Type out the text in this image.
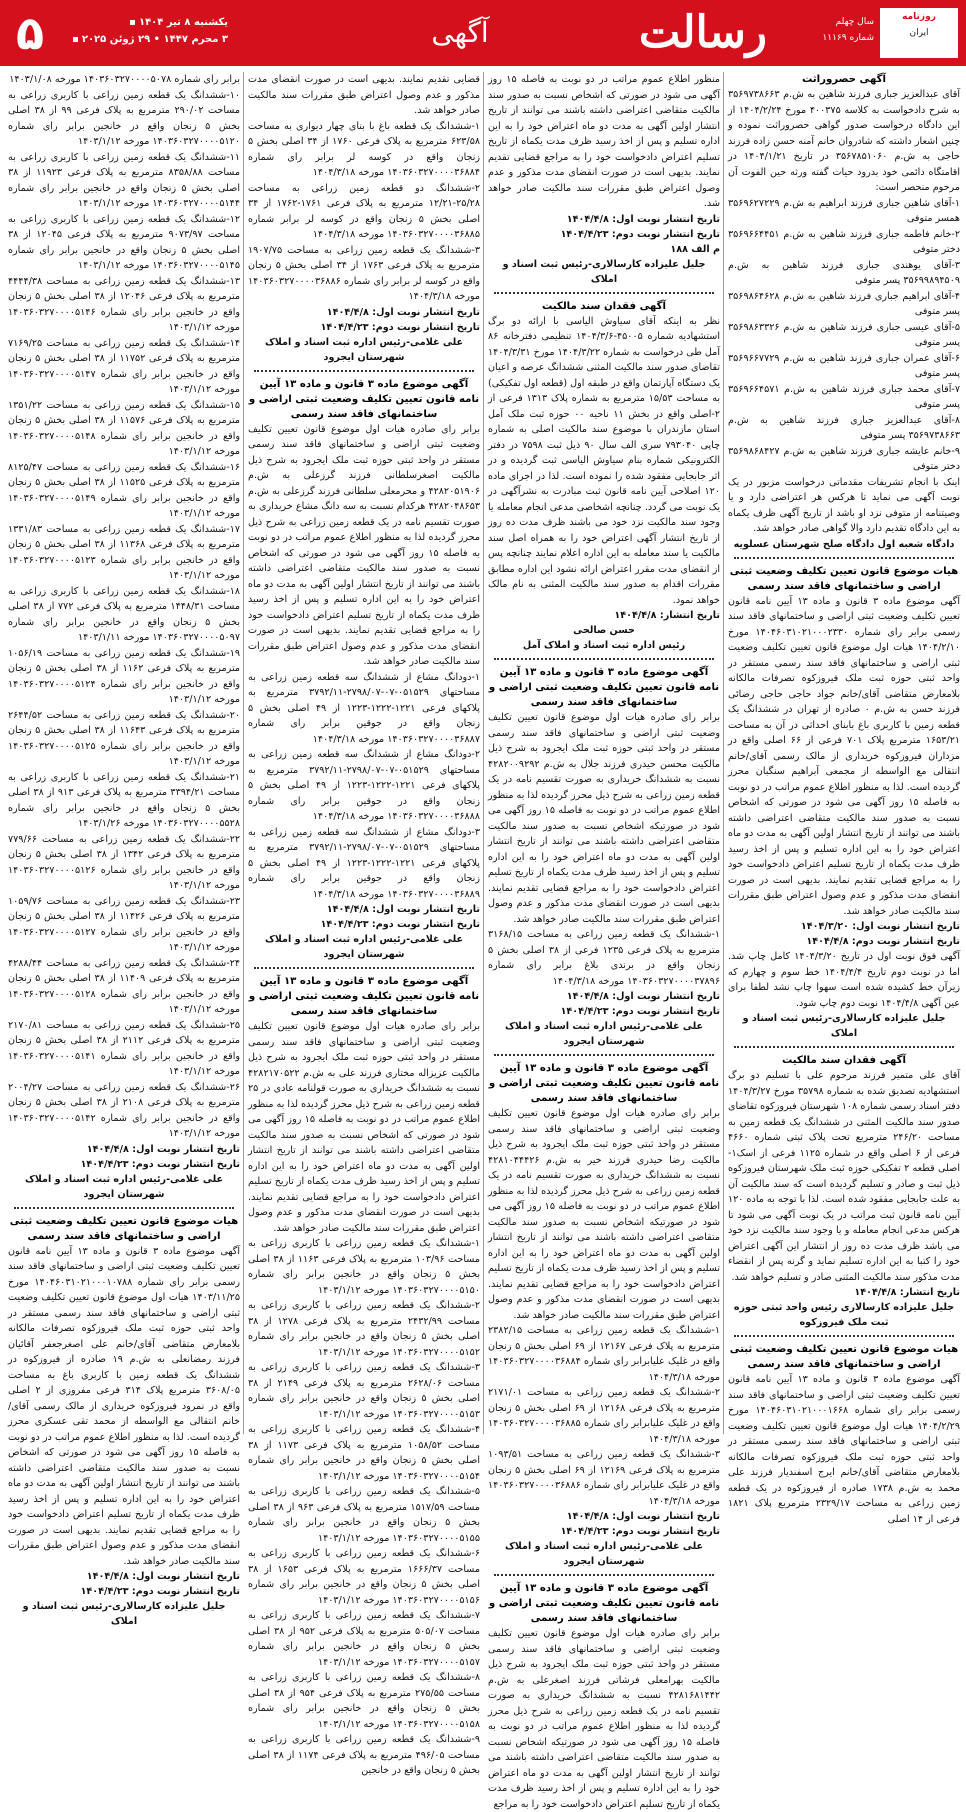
۵	یکشنبه ۸ تیر ۱۴۰۴
۳ محرم ۱۴۴۷ • ۲۹ ژوئن ۲۰۲۵	آگهی	رسالت	سال چهلم
شماره ۱۱۱۶۹
روزنامه
ایران
آگهی حصروراثت

آقای عبدالعزیز جباری فرزند شاهین به ش.م ۳۵۶۹۷۳۸۶۶۳ به شرح دادخواست به کلاسه ۴۰۰۳۷۵ مورخ ۱۴۰۴/۲/۲۴ از این دادگاه درخواست صدور گواهی حصروراثت نموده و چنین اشعار داشته که شادروان خانم آمنه حسن زاده فرزند حاجی به ش.م ۳۵۶۷۸۵۱۰۶۰ در تاریخ ۱۴۰۴/۱/۲۱ در اقامتگاه دائمی خود بدرود حیات گفته ورثه حین الفوت آن مرحوم منحصر است:

۱-آقای شاهین جباری فرزند ابراهیم به ش.م ۳۵۶۹۶۲۷۲۲۹ همسر متوفی
۲-خانم فاطمه جباری فرزند شاهین به ش.م ۳۵۶۹۶۶۴۴۵۱ دختر متوفی
۳-آقای یوهندی جباری فرزند شاهین به ش.م ۳۵۶۹۹۸۹۴۵۰۹ پسر متوفی
۴-آقای ابراهیم جباری فرزند شاهین به ش.م ۳۵۶۹۸۶۴۶۲۸ پسر متوفی
۵-آقای عیسی جباری فرزند شاهین به ش.م ۳۵۶۹۸۶۳۳۲۶ پسر متوفی
۶-آقای عمران جباری فرزند شاهین به ش.م ۳۵۶۹۶۶۷۷۲۹ پسر متوفی
۷-آقای محمد جباری فرزند شاهین به ش.م ۳۵۶۹۶۶۴۵۷۱ پسر متوفی
۸-آقای عبدالعزیز جباری فرزند شاهین به ش.م ۳۵۶۹۷۳۸۶۶۳ پسر متوفی
۹-خانم عایشه جباری فرزند شاهین به ش.م ۳۵۶۹۸۶۸۴۲۷ دختر متوفی

اینک با انجام تشریفات مقدماتی درخواست مزبور در یک نوبت آگهی می نماید تا هرکس هر اعتراضی دارد و یا وصیتنامه از متوفی نزد او باشد از تاریخ آگهی ظرف یکماه به این دادگاه تقدیم دارد والا گواهی صادر خواهد شد.

دادگاه شعبه اول دادگاه صلح شهرستان عسلویه
هیات موضوع قانون تعیین تکلیف وضعیت ثبتی اراضی و ساختمانهای فاقد سند رسمی

آگهی موضوع ماده ۳ قانون و ماده ۱۳ آیین نامه قانون تعیین تکلیف وضعیت ثبتی اراضی و ساختمانهای فاقد سند رسمی برابر رای شماره ۱۴۰۴۶۰۳۱۰۲۱۰۰۰۲۳۳۰ مورخ ۱۴۰۴/۲/۱۰ هیات اول موضوع قانون تعیین تکلیف وضعیت ثبتی اراضی و ساختمانهای فاقد سند رسمی مستقر در واحد ثبتی حوزه ثبت ملک فیروزکوه تصرفات مالکانه بلامعارض متقاضی آقای/خانم جواد حاجی حاجی رضائی فرزند حسن به ش.م ۰ صادره از تهران در ششدانگ یک قطعه زمین با کاربری باغ بابنای احداثی در آن به مساحت ۱۶۵۳/۲۱ مترمربع پلاک ۷۰۱ فرعی از ۶۶ اصلی واقع در مزداران فیروزکوه خریداری از مالک رسمی آقای/خانم انتقالی مع الواسطه از مجمعی آبراهیم سنگبان محرز گردیده است. لذا به منظور اطلاع عموم مراتب در دو نوبت به فاصله ۱۵ روز آگهی می شود در صورتی که اشخاص نسبت به صدور سند مالکیت متقاضی اعتراضی داشته باشند می توانند از تاریخ انتشار اولین آگهی به مدت دو ماه اعتراض خود را به این اداره تسلیم و پس از اخذ رسید ظرف مدت یکماه از تاریخ تسلیم اعتراض دادخواست خود را به مراجع قضایی تقدیم نمایند. بدیهی است در صورت انقضای مدت مذکور و عدم وصول اعتراض طبق مقررات سند مالکیت صادر خواهد شد.

تاریخ انتشار نوبت اول: ۱۴۰۴/۳/۲۰
تاریخ انتشار نوبت دوم: ۱۴۰۴/۴/۸

آگهی فوق نوبت اول در تاریخ ۱۴۰۴/۳/۲۰ کامل چاپ شد. اما در نوبت دوم تاریخ ۱۴۰۴/۴/۴ خط سوم و چهارم که زیرآن خط کشیده شده است سهوا چاپ نشد لطفا برای عین آگهی ۱۴۰۴/۴/۸ نوبت دوم چاپ شود.

جلیل علیزاده کارسالاری-رئیس ثبت اسناد و املاک
آگهی فقدان سند مالکیت

آقای علی متمیر فرزند مرحوم علی با تسلیم دو برگ استشهادیه تصدیق شده به شماره ۳۵۷۹۸ مورخ ۱۴۰۴/۳/۲۷ دفتر اسناد رسمی شماره ۱۰۸ شهرستان فیروزکوه تقاضای صدور سند مالکیت المثنی در ششدانگ یک قطعه زمین به مساحت ۲۴۶/۲۰ مترمربع تحت پلاک ثبتی شماره ۴۶۶۰ فرعی از ۶ اصلی واقع در شماره ۱۱۲۵ فرعی از اسک۱-اصلی قطعه ۲ تفکیکی حوزه ثبت ملک شهرستان فیروزکوه ذیل ثبت و صادر و تسلیم گردیده است که سند مالکیت آن به علت جابجایی مفقود شده است. لذا با توجه به ماده ۱۲۰ آیین نامه قانون ثبت مراتب در یک نوبت آگهی می شود تا هرکس مدعی انجام معامله و یا وجود سند مالکیت نزد خود می باشد ظرف مدت ده روز از انتشار این آگهی اعتراض خود را کتبا به این اداره تسلیم نماید و گرنه پس از انقضاء مدت مذکور سند مالکیت المثنی صادر و تسلیم خواهد شد.

تاریخ انتشار: ۱۴۰۴/۴/۸
جلیل علیزاده کارسالاری رئیس واحد ثبتی حوزه ثبت ملک فیروزکوه
هیات موضوع قانون تعیین تکلیف وضعیت ثبتی اراضی و ساختمانهای فاقد سند رسمی

آگهی موضوع ماده ۳ قانون و ماده ۱۳ آیین نامه قانون تعیین تکلیف وضعیت ثبتی اراضی و ساختمانهای فاقد سند رسمی برابر رای شماره ۱۴۰۴۶۰۳۱۰۲۱۰۰۰۱۶۶۸ مورخ ۱۴۰۴/۲/۲۹ هیات اول موضوع قانون تعیین تکلیف وضعیت ثبتی اراضی و ساختمانهای فاقد سند رسمی مستقر در واحد ثبتی حوزه ثبت ملک فیروزکوه تصرفات مالکانه بلامعارض متقاضی آقای/خانم ایرج اسفندیار فرزند علی محمد به ش.م ۱۷۳۸ صادره از فیروزکوه در یک قطعه زمین زراعی به مساحت ۲۳۲۹/۱۷ مترمربع پلاک ۱۸۲۱ فرعی از ۱۴ اصلی

منظور اطلاع عموم مراتب در دو نوبت به فاصله ۱۵ روز آگهی می شود در صورتی که اشخاص نسبت به صدور سند مالکیت متقاضی اعتراضی داشته باشند می توانند از تاریخ انتشار اولین آگهی به مدت دو ماه اعتراض خود را به این اداره تسلیم و پس از اخذ رسید ظرف مدت یکماه از تاریخ تسلیم اعتراض دادخواست خود را به مراجع قضایی تقدیم نمایند. بدیهی است در صورت انقضای مدت مذکور و عدم وصول اعتراض طبق مقررات سند مالکیت صادر خواهد شد.

تاریخ انتشار نوبت اول: ۱۴۰۴/۴/۸
تاریخ انتشار نوبت دوم: ۱۴۰۴/۴/۲۳
م الف ۱۸۸
جلیل علیزاده کارسالاری-رئیس ثبت اسناد و املاک
آگهی فقدان سند مالکیت

نظر به اینکه آقای سیاوش الیاسی با ارائه دو برگ استشهادیه شماره ۴۵۰۰۵-۱۴۰۴/۳/۶ تنظیمی دفترخانه ۸۶ آمل طی درخواست به شماره ۱۴۰۴/۳/۲۲ مورخ ۱۴۰۴/۳/۳۱ تقاضای صدور سند مالکیت المثنی ششدانگ عرصه و اعیان یک دستگاه آپارتمان واقع در طبقه اول (قطعه اول تفکیکی) به مساحت ۱۵/۵۳ مترمربع به شماره پلاک ۱۳۱۳ فرعی از ۲-اصلی واقع در بخش ۱۱ ناحیه ۰۰ حوزه ثبت ملک آمل استان مازندران با موضوع سند مالکیت اصلی به شماره چاپی ۷۹۳۰۴۰ سری الف سال ۹۰ ذیل ثبت ۷۵۹۸ در دفتر الکترونیکی شماره بنام سیاوش الیاسی ثبت گردیده و در اثر جابجایی مفقود شده را نموده است. لذا در اجرای ماده ۱۲۰ اصلاحی آیین نامه قانون ثبت مبادرت به نشرآگهی در یک نوبت می گردد. چنانچه اشخاصی مدعی انجام معامله یا وجود سند مالکیت نزد خود می باشند ظرف مدت ده روز از تاریخ انتشار آگهی اعتراض خود را به همراه اصل سند مالکیت یا سند معامله به این اداره اعلام نمایند چنانچه پس از انقضای مدت مقرر اعتراض ارائه نشود این اداره مطابق مقررات اقدام به صدور سند مالکیت المثنی به نام مالک خواهد نمود.

تاریخ انتشار: ۱۴۰۴/۴/۸
حسن صالحی
رئیس اداره ثبت اسناد و املاک آمل
آگهی موضوع ماده ۳ قانون و ماده ۱۳ آیین نامه قانون تعیین تکلیف وضعیت ثبتی اراضی و ساختمانهای فاقد سند رسمی

برابر رای صادره هیات اول موضوع قانون تعیین تکلیف وضعیت ثبتی اراضی و ساختمانهای فاقد سند رسمی مستقر در واحد ثبتی حوزه ثبت ملک ایجرود به شرح ذیل مالکیت محسن حیدری فرزند جلال به ش.م ۴۲۸۲۰۰۹۲۹۲ نسبت به ششدانگ خریداری به صورت تقسیم نامه در یک قطعه زمین زراعی به شرح ذیل محرز گردیده لذا به منظور اطلاع عموم مراتب در دو نوبت به فاصله ۱۵ روز آگهی می شود در صورتیکه اشخاص نسبت به صدور سند مالکیت متقاضی اعتراضی داشته باشند می توانند از تاریخ انتشار اولین آگهی به مدت دو ماه اعتراض خود را به این اداره تسلیم و پس از اخذ رسید ظرف مدت یکماه از تاریخ تسلیم اعتراض دادخواست خود را به مراجع قضایی تقدیم نمایند. بدیهی است در صورت انقضای مدت مذکور و عدم وصول اعتراض طبق مقررات سند مالکیت صادر خواهد شد.

۱-ششدانگ یک قطعه زمین زراعی به مساحت ۳۱۶۸/۱۵ مترمربع به پلاک فرعی ۱۲۳۵ فرعی از ۳۸ اصلی بخش ۵ زنجان واقع در برندی بلاغ برابر رای شماره ۱۴۰۳۶۰۳۲۷۰۰۰۰۳۷۸۹۶ مورخه ۱۴۰۴/۳/۱۸
تاریخ انتشار نوبت اول: ۱۴۰۴/۴/۸
تاریخ انتشار نوبت دوم: ۱۴۰۴/۴/۲۳
علی غلامی-رئیس اداره ثبت اسناد و املاک شهرستان ایجرود
آگهی موضوع ماده ۳ قانون و ماده ۱۳ آیین نامه قانون تعیین تکلیف وضعیت ثبتی اراضی و ساختمانهای فاقد سند رسمی

برابر رای صادره هیات اول موضوع قانون تعیین تکلیف وضعیت ثبتی اراضی و ساختمانهای فاقد سند رسمی مستقر در واحد ثبتی حوزه ثبت ملک ایجرود به شرح ذیل مالکیت رضا حیدری فرزند خیر به ش.م ۴۲۸۱۰۴۴۴۲۶ نسبت به ششدانگ خریداری به صورت تقسیم نامه در یک قطعه زمین زراعی به شرح ذیل محرز گردیده لذا به منظور اطلاع عموم مراتب در دو نوبت به فاصله ۱۵ روز آگهی می شود در صورتیکه اشخاص نسبت به صدور سند مالکیت متقاضی اعتراضی داشته باشند می توانند از تاریخ انتشار اولین آگهی به مدت دو ماه اعتراض خود را به این اداره تسلیم و پس از اخذ رسید ظرف مدت یکماه از تاریخ تسلیم اعتراض دادخواست خود را به مراجع قضایی تقدیم نمایند. بدیهی است در صورت انقضای مدت مذکور و عدم وصول اعتراض طبق مقررات سند مالکیت صادر خواهد شد.

۱-ششدانگ یک قطعه زمین زراعی به مساحت ۲۳۸۲/۱۵ مترمربع به پلاک فرعی ۱۲۱۶۷ از ۶۹ اصلی بخش ۵ زنجان واقع در غلیک علیابرابر رای شماره ۱۴۰۳۶۰۳۲۷۰۰۰۰۳۶۸۸۴ مورخه ۱۴۰۴/۳/۱۸
۲-ششدانگ یک قطعه زمین زراعی به مساحت ۲۱۷۱/۰۱ مترمربع به پلاک فرعی ۱۲۱۶۸ از ۶۹ اصلی بخش ۵ زنجان واقع در غلیک علیابرابر رای شماره ۱۴۰۳۶۰۳۲۷۰۰۰۰۳۶۸۸۵ مورخه ۱۴۰۴/۳/۱۸
۳-ششدانگ یک قطعه زمین زراعی به مساحت ۱۰۹۳/۵۱ مترمربع به پلاک فرعی ۱۲۱۶۹ از ۶۹ اصلی بخش ۵ زنجان واقع در غلیک علیابرابر رای شماره ۱۴۰۳۶۰۳۲۷۰۰۰۰۳۶۸۸۶ مورخه ۱۴۰۴/۳/۱۸
تاریخ انتشار نوبت اول: ۱۴۰۴/۴/۸
تاریخ انتشار نوبت دوم: ۱۴۰۴/۴/۲۳
علی غلامی-رئیس اداره ثبت اسناد و املاک شهرستان ایجرود
آگهی موضوع ماده ۳ قانون و ماده ۱۳ آیین نامه قانون تعیین تکلیف وضعیت ثبتی اراضی و ساختمانهای فاقد سند رسمی

برابر رای صادره هیات اول موضوع قانون تعیین تکلیف وضعیت ثبتی اراضی و ساختمانهای فاقد سند رسمی مستقر در واحد ثبتی حوزه ثبت ملک ایجرود به شرح ذیل مالکیت بهرامعلی فرشاتی فرزند اصغرعلی به ش.م ۴۲۸۱۶۸۱۴۴۲ نسبت به ششدانگ خریداری به صورت تقسیم نامه در یک قطعه زمین زراعی به شرح ذیل محرز گردیده لذا به منظور اطلاع عموم مراتب در دو نوبت به فاصله ۱۵ روز آگهی می شود در صورتیکه اشخاص نسبت به صدور سند مالکیت متقاضی اعتراضی داشته باشند می توانند از تاریخ انتشار اولین آگهی به مدت دو ماه اعتراض خود را به این اداره تسلیم و پس از اخذ رسید ظرف مدت یکماه از تاریخ تسلیم اعتراض دادخواست خود را به مراجع

قضایی تقدیم نمایند. بدیهی است در صورت انقضای مدت مذکور و عدم وصول اعتراض طبق مقررات سند مالکیت صادر خواهد شد.

۱-ششدانگ یک قطعه باغ با بنای چهار دیواری به مساحت ۶۲۳/۵۸ مترمربع به پلاک فرعی ۱۷۶۰ از ۳۴ اصلی بخش ۵ زنجان واقع در کوسه لر برابر رای شماره ۱۴۰۳۶۰۳۲۷۰۰۰۰۳۶۸۸۴ مورخه ۱۴۰۴/۳/۱۸
۲-ششدانگ دو قطعه زمین زراعی به مساحت ۲۵/۲۸-۱۲/۲۱ مترمربع به پلاک فرعی ۱۷۶۱-۱۷۶۲ از ۳۴ اصلی بخش ۵ زنجان واقع در کوسه لر برابر شماره ۱۴۰۳۶۰۳۲۷۰۰۰۰۳۶۸۸۵ مورخه ۱۴۰۴/۳/۱۸
۳-ششدانگ یک قطعه زمین زراعی به مساحت ۱۹۰۷/۷۵ مترمربع به پلاک فرعی ۱۷۶۳ از ۳۴ اصلی بخش ۵ زنجان واقع در کوسه لر برابر رای شماره ۱۴۰۳۶۰۳۲۷۰۰۰۰۳۶۸۸۶ مورخه ۱۴۰۴/۳/۱۸
تاریخ انتشار نوبت اول: ۱۴۰۴/۴/۸
تاریخ انتشار نوبت دوم: ۱۴۰۴/۴/۲۳
علی غلامی-رئیس اداره ثبت اسناد و املاک شهرستان ایجرود
آگهی موضوع ماده ۳ قانون و ماده ۱۳ آیین نامه قانون تعیین تکلیف وضعیت ثبتی اراضی و ساختمانهای فاقد سند رسمی

برابر رای صادره هیات اول موضوع قانون تعیین تکلیف وضعیت ثبتی اراضی و ساختمانهای فاقد سند رسمی مستقر در واحد ثبتی حوزه ثبت ملک ایجرود به شرح ذیل مالکیت اصغرسلطانی فرزند گرزعلی به ش.م ۴۲۸۲۰۵۱۹۰۶ و محرمعلی سلطانی فرزند گرزعلی به ش.م ۴۲۸۲۰۴۸۶۵۳ هرکدام نسبت به سه دانگ مشاع خریداری به صورت تقسیم نامه در یک قطعه زمین زراعی به شرح ذیل محرز گردیده لذا به منظور اطلاع عموم مراتب در دو نوبت به فاصله ۱۵ روز آگهی می شود در صورتی که اشخاص نسبت به صدور سند مالکیت متقاضی اعتراضی داشته باشند می توانند از تاریخ انتشار اولین آگهی به مدت دو ماه اعتراض خود را به این اداره تسلیم و پس از اخذ رسید ظرف مدت یکماه از تاریخ تسلیم اعتراض دادخواست خود را به مراجع قضایی تقدیم نمایند. بدیهی است در صورت انقضای مدت مذکور و عدم وصول اعتراض طبق مقررات سند مالکیت صادر خواهد شد.

۱-دودانگ مشاع از ششدانگ سه قطعه زمین زراعی به مساحتهای ۰۵۱۵۲۹-۰۷-۲۷۹۸/۰۷-۳۷۹۲/۱۱ مترمربع به پلاکهای فرعی ۱۲۲۱-۱۲۲۲-۱۲۲۳ از ۴۹ اصلی بخش ۵ زنجان واقع در جوقین برابر رای شماره ۱۴۰۳۶۰۳۲۷۰۰۰۰۳۶۸۸۷ مورخه ۱۴۰۴/۳/۱۸
۲-دودانگ مشاع از ششدانگ سه قطعه زمین زراعی به مساحتهای ۰۵۱۵۲۹-۰۷-۲۷۹۸/۰۷-۳۷۹۲/۱۱ مترمربع به پلاکهای فرعی ۱۲۲۱-۱۲۲۲-۱۲۲۳ از ۴۹ اصلی بخش ۵ زنجان واقع در جوقین برابر رای شماره ۱۴۰۳۶۰۳۲۷۰۰۰۰۳۶۸۸۸ مورخه ۱۴۰۴/۳/۱۸
۳-دودانگ مشاع از ششدانگ سه قطعه زمین زراعی به مساحتهای ۰۵۱۵۲۹-۰۷-۲۷۹۸/۰۷-۳۷۹۲/۱۱ مترمربع به پلاکهای فرعی ۱۲۲۱-۱۲۲۲-۱۲۲۳ از ۴۹ اصلی بخش ۵ زنجان واقع در جوقین برابر رای شماره ۱۴۰۳۶۰۳۲۷۰۰۰۰۳۶۸۸۹ مورخه ۱۴۰۴/۳/۱۸
تاریخ انتشار نوبت اول: ۱۴۰۴/۴/۸
تاریخ انتشار نوبت دوم: ۱۴۰۴/۴/۲۳
علی غلامی-رئیس اداره ثبت اسناد و املاک شهرستان ایجرود
آگهی موضوع ماده ۳ قانون و ماده ۱۳ آیین نامه قانون تعیین تکلیف وضعیت ثبتی اراضی و ساختمانهای فاقد سند رسمی

برابر رای صادره هیات اول موضوع قانون تعیین تکلیف وضعیت ثبتی اراضی و ساختمانهای فاقد سند رسمی مستقر در واحد ثبتی حوزه ثبت ملک ایجرود به شرح ذیل مالکیت عزیزاله مختاری فرزند علی به ش.م ۴۲۸۲۱۷۰۵۲۲ نسبت به ششدانگ خریداری به صورت قولنامه عادی در ۲۵ قطعه زمین زراعی به شرح ذیل محرز گردیده لذا به منظور اطلاع عموم مراتب در دو نوبت به فاصله ۱۵ روز آگهی می شود در صورتی که اشخاص نسبت به صدور سند مالکیت متقاضی اعتراضی داشته باشند می توانند از تاریخ انتشار اولین آگهی به مدت دو ماه اعتراض خود را به این اداره تسلیم و پس از اخذ رسید ظرف مدت یکماه از تاریخ تسلیم اعتراض دادخواست خود را به مراجع قضایی تقدیم نمایند. بدیهی است در صورت انقضای مدت مذکور و عدم وصول اعتراض طبق مقررات سند مالکیت صادر خواهد شد.

۱-ششدانگ یک قطعه زمین زراعی با کاربری زراعی به مساحت ۱۰۳/۹۶ مترمربع به پلاک فرعی ۱۱۶۳ از ۳۸ اصلی بخش ۵ زنجان واقع در خانجین برابر رای شماره ۱۴۰۳۶۰۳۲۷۰۰۰۰۵۱۵۰ مورخه ۱۴۰۳/۱/۱۲
۲-ششدانگ یک قطعه زمین زراعی با کاربری زراعی به مساحت ۲۴۳۲/۹۹ مترمربع به پلاک فرعی ۱۲۷۸ از ۳۸ اصلی بخش ۵ زنجان واقع در خانجین برابر رای شماره ۱۴۰۳۶۰۳۲۷۰۰۰۰۵۱۵۲ مورخه ۱۴۰۳/۱/۱۲
۳-ششدانگ یک قطعه زمین زراعی با کاربری زراعی به مساحت ۲۶۲۸/۰۶ مترمربع به پلاک فرعی ۲۱۴۹ از ۳۸ اصلی بخش ۵ زنجان واقع در خانجین برابر رای شماره ۱۴۰۳۶۰۳۲۷۰۰۰۰۵۱۵۳ مورخه ۱۴۰۳/۱/۱۲
۴-ششدانگ یک قطعه زمین زراعی با کاربری زراعی به مساحت ۱۰۵۸/۵۲ مترمربع به پلاک فرعی ۱۱۷۳ از ۳۸ اصلی بخش ۵ زنجان واقع در خانجین برابر رای شماره ۱۴۰۳۶۰۳۲۷۰۰۰۰۵۱۵۴ مورخه ۱۴۰۳/۱/۱۲
۵-ششدانگ یک قطعه زمین زراعی با کاربری زراعی به مساحت ۱۵۱۷/۵۹ مترمربع به پلاک فرعی ۹۶۳ از ۳۸ اصلی بخش ۵ زنجان واقع در خانجین برابر رای شماره ۱۴۰۳۶۰۳۲۷۰۰۰۰۵۱۵۵ مورخه ۱۴۰۳/۱/۱۲
۶-ششدانگ یک قطعه زمین زراعی با کاربری زراعی به مساحت ۱۶۶۶/۳۷ مترمربع به پلاک فرعی ۱۶۵۳ از ۳۸ اصلی بخش ۵ زنجان واقع در خانجین برابر رای شماره ۱۴۰۳۶۰۳۲۷۰۰۰۰۵۱۵۶ مورخه ۱۴۰۳/۱/۱۲
۷-ششدانگ یک قطعه زمین زراعی با کاربری زراعی به مساحت ۵۰۵/۰۷ مترمربع به پلاک فرعی ۹۵۲ از ۳۸ اصلی بخش ۵ زنجان واقع در خانجین برابر رای شماره ۱۴۰۳۶۰۳۲۷۰۰۰۰۵۱۵۷ مورخه ۱۴۰۳/۱/۱۲
۸-ششدانگ یک قطعه زمین زراعی با کاربری زراعی به مساحت ۲۷۵/۵۵ مترمربع به پلاک فرعی ۹۵۴ از ۳۸ اصلی بخش ۵ زنجان واقع در خانجین برابر رای شماره ۱۴۰۳۶۰۳۲۷۰۰۰۰۵۱۵۸ مورخه ۱۴۰۳/۱/۱۲
۹-ششدانگ یک قطعه زمین زراعی با کاربری زراعی به مساحت ۴۹۶/۰۵ مترمربع به پلاک فرعی ۱۱۷۴ از ۳۸ اصلی بخش ۵ زنجان واقع در خانجین
برابر رای شماره ۱۴۰۳۶۰۳۲۷۰۰۰۰۵۰۷۸ مورخه ۱۴۰۳/۱/۰۸
۱۰-ششدانگ یک قطعه زمین زراعی با کاربری زراعی به مساحت ۲۹۰/۰۲ مترمربع به پلاک فرعی ۹۹ از ۳۸ اصلی بخش ۵ زنجان واقع در خانجین برابر رای شماره ۱۴۰۳۶۰۳۲۷۰۰۰۰۵۱۲۰ مورخه ۱۴۰۳/۱/۱۲
۱۱-ششدانگ یک قطعه زمین زراعی با کاربری زراعی به مساحت ۸۳۵۸/۸۸ مترمربع به پلاک فرعی ۱۱۹۲۳ از ۳۸ اصلی بخش ۵ زنجان واقع در خانجین برابر رای شماره ۱۴۰۳۶۰۳۲۷۰۰۰۰۵۱۴۴ مورخه ۱۴۰۳/۱/۱۲
۱۲-ششدانگ یک قطعه زمین زراعی با کاربری زراعی به مساحت ۹۰۷۳/۹۷ مترمربع به پلاک فرعی ۱۲۰۴۵ از ۳۸ اصلی بخش ۵ زنجان واقع در خانجین برابر رای شماره ۱۴۰۳۶۰۳۲۷۰۰۰۰۵۱۴۵ مورخه ۱۴۰۳/۱/۱۲
۱۳-ششدانگ یک قطعه زمین زراعی به مساحت ۴۴۴۴/۳۸ مترمربع به پلاک فرعی ۱۲۰۴۶ از ۳۸ اصلی بخش ۵ زنجان واقع در خانجین برابر رای شماره ۱۴۰۳۶۰۳۲۷۰۰۰۰۵۱۴۶ مورخه ۱۴۰۳/۱/۱۲
۱۴-ششدانگ یک قطعه زمین زراعی به مساحت ۷۱۶۹/۲۵ مترمربع به پلاک فرعی ۱۱۷۵۲ از ۳۸ اصلی بخش ۵ زنجان واقع در خانجین برابر رای شماره ۱۴۰۳۶۰۳۲۷۰۰۰۰۵۱۴۷ مورخه ۱۴۰۳/۱/۱۲
۱۵-ششدانگ یک قطعه زمین زراعی به مساحت ۱۳۵۱/۲۲ مترمربع به پلاک فرعی ۱۱۵۷۶ از ۳۸ اصلی بخش ۵ زنجان واقع در خانجین برابر رای شماره ۱۴۰۳۶۰۳۲۷۰۰۰۰۵۱۴۸ مورخه ۱۴۰۳/۱/۱۲
۱۶-ششدانگ یک قطعه زمین زراعی به مساحت ۸۱۲۵/۴۷ مترمربع به پلاک فرعی ۱۱۵۲۵ از ۳۸ اصلی بخش ۵ زنجان واقع در خانجین برابر رای شماره ۱۴۰۳۶۰۳۲۷۰۰۰۰۵۱۴۹ مورخه ۱۴۰۳/۱/۱۲
۱۷-ششدانگ یک قطعه زمین زراعی به مساحت ۱۳۳۱/۸۳ مترمربع به پلاک فرعی ۱۱۳۶۸ از ۳۸ اصلی بخش ۵ زنجان واقع در خانجین برابر رای شماره ۱۴۰۳۶۰۳۲۷۰۰۰۰۵۱۲۳ مورخه ۱۴۰۳/۱/۱۲
۱۸-ششدانگ یک قطعه زمین زراعی با کاربری زراعی به مساحت ۱۴۴۸/۳۱ مترمربع به پلاک فرعی ۷۷۲ از ۳۸ اصلی بخش ۵ زنجان واقع در خانجین برابر رای شماره ۱۴۰۳۶۰۳۲۷۰۰۰۰۵۰۹۷ مورخه ۱۴۰۳/۱/۱۱
۱۹-ششدانگ یک قطعه زمین زراعی به مساحت ۱۰۵۶/۱۹ مترمربع به پلاک فرعی ۱۱۶۲ از ۳۸ اصلی بخش ۵ زنجان واقع در خانجین برابر رای شماره ۱۴۰۳۶۰۳۲۷۰۰۰۰۵۱۲۴ مورخه ۱۴۰۳/۱/۱۲
۲۰-ششدانگ یک قطعه زمین زراعی به مساحت ۲۶۴۴/۵۲ مترمربع به پلاک فرعی ۱۱۶۴۳ از ۳۸ اصلی بخش ۵ زنجان واقع در خانجین برابر رای شماره ۱۴۰۳۶۰۳۲۷۰۰۰۰۵۱۲۵ مورخه ۱۴۰۳/۱/۱۲
۲۱-ششدانگ یک قطعه زمین زراعی با کاربری زراعی به مساحت ۳۳۹۴/۲۱ مترمربع به پلاک فرعی ۹۱۳ از ۳۸ اصلی بخش ۵ زنجان واقع در خانجین برابر رای شماره ۱۴۰۳۶۰۳۲۷۰۰۰۰۵۵۲۸ مورخه ۱۴۰۳/۱/۲۶
۲۲-ششدانگ یک قطعه زمین زراعی به مساحت ۷۷۹/۶۶ مترمربع به پلاک فرعی ۱۳۴۲ از ۳۸ اصلی بخش ۵ زنجان واقع در خانجین برابر رای شماره ۱۴۰۳۶۰۳۲۷۰۰۰۰۵۱۲۶ مورخه ۱۴۰۳/۱/۱۲
۲۳-ششدانگ یک قطعه زمین زراعی به مساحت ۱۰۵۹/۷۶ مترمربع به پلاک فرعی ۱۱۴۲۶ از ۳۸ اصلی بخش ۵ زنجان واقع در خانجین برابر رای شماره ۱۴۰۳۶۰۳۲۷۰۰۰۰۵۱۲۷ مورخه ۱۴۰۳/۱/۱۲
۲۴-ششدانگ یک قطعه زمین زراعی به مساحت ۴۲۸۸/۴۴ مترمربع به پلاک فرعی ۱۱۴۰۹ از ۳۸ اصلی بخش ۵ زنجان واقع در خانجین برابر رای شماره ۱۴۰۳۶۰۳۲۷۰۰۰۰۵۱۲۸ مورخه ۱۴۰۳/۱/۱۲
۲۵-ششدانگ یک قطعه زمین زراعی به مساحت ۲۱۷۰/۸۱ مترمربع به پلاک فرعی ۲۱۱۲ از ۳۸ اصلی بخش ۵ زنجان واقع در خانجین برابر رای شماره ۱۴۰۳۶۰۳۲۷۰۰۰۰۵۱۴۱ مورخه ۱۴۰۳/۱/۱۲
۲۶-ششدانگ یک قطعه زمین زراعی به مساحت ۲۰۰۴/۲۷ مترمربع به پلاک فرعی ۲۱۰۸ از ۳۸ اصلی بخش ۵ زنجان واقع در خانجین برابر رای شماره ۱۴۰۳۶۰۳۲۷۰۰۰۰۵۱۴۲ مورخه ۱۴۰۳/۱/۱۲
تاریخ انتشار نوبت اول: ۱۴۰۴/۴/۸
تاریخ انتشار نوبت دوم: ۱۴۰۴/۴/۲۳
علی غلامی-رئیس اداره ثبت اسناد و املاک شهرستان ایجرود
هیات موضوع قانون تعیین تکلیف وضعیت ثبتی اراضی و ساختمانهای فاقد سند رسمی

آگهی موضوع ماده ۳ قانون و ماده ۱۳ آیین نامه قانون تعیین تکلیف وضعیت ثبتی اراضی و ساختمانهای فاقد سند رسمی برابر رای شماره ۱۴۰۴۶۰۳۱۰۲۱۰۰۰۱۰۷۸۸ مورخ ۱۴۰۳/۱۱/۲۵ هیات اول موضوع قانون تعیین تکلیف وضعیت ثبتی اراضی و ساختمانهای فاقد سند رسمی مستقر در واحد ثبتی حوزه ثبت ملک فیروزکوه تصرفات مالکانه بلامعارض متقاضی آقای/خانم علی اصغرجعفر آقائیان فرزند رمضانعلی به ش.م ۱۹ صادره از فیروزکوه در ششدانگ یک قطعه زمین با کاربری باغ به مساحت ۳۶۰۸/۰۵ مترمربع پلاک ۳۱۴ فرعی مفروزی از ۲ اصلی واقع در نمرود فیروزکوه خریداری از مالک رسمی آقای/خانم انتقالی مع الواسطه از محمد تقی عسکری محرز گردیده است. لذا به منظور اطلاع عموم مراتب در دو نوبت به فاصله ۱۵ روز آگهی می شود در صورتی که اشخاص نسبت به صدور سند مالکیت متقاضی اعتراضی داشته باشند می توانند از تاریخ انتشار اولین آگهی به مدت دو ماه اعتراض خود را به این اداره تسلیم و پس از اخذ رسید ظرف مدت یکماه از تاریخ تسلیم اعتراض دادخواست خود را به مراجع قضایی تقدیم نمایند. بدیهی است در صورت انقضای مدت مذکور و عدم وصول اعتراض طبق مقررات سند مالکیت صادر خواهد شد.

تاریخ انتشار نوبت اول: ۱۴۰۴/۴/۸
تاریخ انتشار نوبت دوم: ۱۴۰۴/۴/۲۳
جلیل علیزاده کارسالاری-رئیس ثبت اسناد و املاک
